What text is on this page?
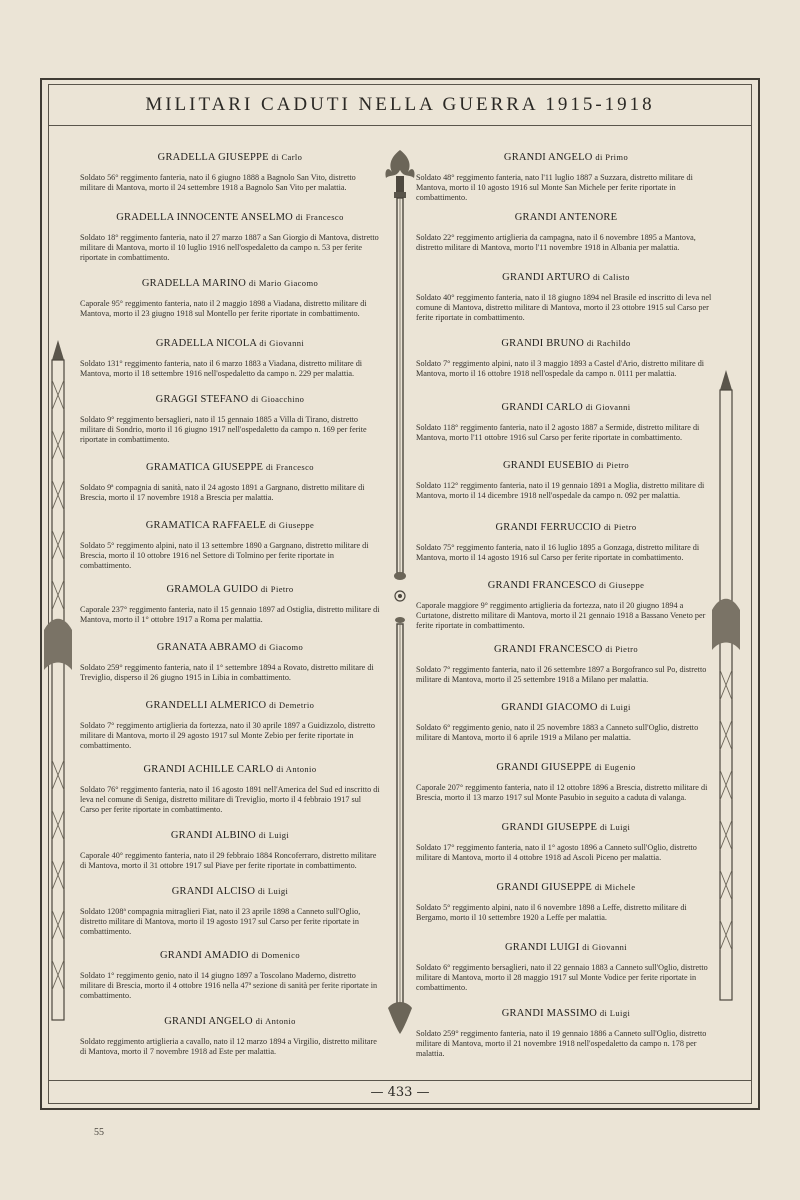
MILITARI CADUTI NELLA GUERRA 1915-1918
— 433 —
GRADELLA GIUSEPPE di Carlo
Soldato 56° reggimento fanteria, nato il 6 giugno 1888 a Bagnolo San Vito, distretto militare di Mantova, morto il 24 settembre 1918 a Bagnolo San Vito per malattia.
GRADELLA INNOCENTE ANSELMO di Francesco
Soldato 18° reggimento fanteria, nato il 27 marzo 1887 a San Giorgio di Mantova, distretto militare di Mantova, morto il 10 luglio 1916 nell'ospedaletto da campo n. 53 per ferite riportate in combattimento.
GRADELLA MARINO di Mario Giacomo
Caporale 95° reggimento fanteria, nato il 2 maggio 1898 a Viadana, distretto militare di Mantova, morto il 23 giugno 1918 sul Montello per ferite riportate in combattimento.
GRADELLA NICOLA di Giovanni
Soldato 131° reggimento fanteria, nato il 6 marzo 1883 a Viadana, distretto militare di Mantova, morto il 18 settembre 1916 nell'ospedaletto da campo n. 229 per malattia.
GRAGGI STEFANO di Gioacchino
Soldato 9° reggimento bersaglieri, nato il 15 gennaio 1885 a Villa di Tirano, distretto militare di Sondrio, morto il 16 giugno 1917 nell'ospedaletto da campo n. 169 per ferite riportate in combattimento.
GRAMATICA GIUSEPPE di Francesco
Soldato 9ª compagnia di sanità, nato il 24 agosto 1891 a Gargnano, distretto militare di Brescia, morto il 17 novembre 1918 a Brescia per malattia.
GRAMATICA RAFFAELE di Giuseppe
Soldato 5° reggimento alpini, nato il 13 settembre 1890 a Gargnano, distretto militare di Brescia, morto il 10 ottobre 1916 nel Settore di Tolmino per ferite riportate in combattimento.
GRAMOLA GUIDO di Pietro
Caporale 237° reggimento fanteria, nato il 15 gennaio 1897 ad Ostiglia, distretto militare di Mantova, morto il 1° ottobre 1917 a Roma per malattia.
GRANATA ABRAMO di Giacomo
Soldato 259° reggimento fanteria, nato il 1° settembre 1894 a Rovato, distretto militare di Treviglio, disperso il 26 giugno 1915 in Libia in combattimento.
GRANDELLI ALMERICO di Demetrio
Soldato 7° reggimento artiglieria da fortezza, nato il 30 aprile 1897 a Guidizzolo, distretto militare di Mantova, morto il 29 agosto 1917 sul Monte Zebio per ferite riportate in combattimento.
GRANDI ACHILLE CARLO di Antonio
Soldato 76° reggimento fanteria, nato il 16 agosto 1891 nell'America del Sud ed inscritto di leva nel comune di Seniga, distretto militare di Treviglio, morto il 4 febbraio 1917 sul Carso per ferite riportate in combattimento.
GRANDI ALBINO di Luigi
Caporale 40° reggimento fanteria, nato il 29 febbraio 1884 Roncoferraro, distretto militare di Mantova, morto il 31 ottobre 1917 sul Piave per ferite riportate in combattimento.
GRANDI ALCISO di Luigi
Soldato 1208ª compagnia mitraglieri Fiat, nato il 23 aprile 1898 a Canneto sull'Oglio, distretto militare di Mantova, morto il 19 agosto 1917 sul Carso per ferite riportate in combattimento.
GRANDI AMADIO di Domenico
Soldato 1° reggimento genio, nato il 14 giugno 1897 a Toscolano Maderno, distretto militare di Brescia, morto il 4 ottobre 1916 nella 47ª sezione di sanità per ferite riportate in combattimento.
GRANDI ANGELO di Antonio
Soldato reggimento artiglieria a cavallo, nato il 12 marzo 1894 a Virgilio, distretto militare di Mantova, morto il 7 novembre 1918 ad Este per malattia.
GRANDI ANGELO di Primo
Soldato 48° reggimento fanteria, nato l'11 luglio 1887 a Suzzara, distretto militare di Mantova, morto il 10 agosto 1916 sul Monte San Michele per ferite riportate in combattimento.
GRANDI ANTENORE
Soldato 22° reggimento artiglieria da campagna, nato il 6 novembre 1895 a Mantova, distretto militare di Mantova, morto l'11 novembre 1918 in Albania per malattia.
GRANDI ARTURO di Calisto
Soldato 40° reggimento fanteria, nato il 18 giugno 1894 nel Brasile ed inscritto di leva nel comune di Mantova, distretto militare di Mantova, morto il 23 ottobre 1915 sul Carso per ferite riportate in combattimento.
GRANDI BRUNO di Rachildo
Soldato 7° reggimento alpini, nato il 3 maggio 1893 a Castel d'Ario, distretto militare di Mantova, morto il 16 ottobre 1918 nell'ospedale da campo n. 0111 per malattia.
GRANDI CARLO di Giovanni
Soldato 118° reggimento fanteria, nato il 2 agosto 1887 a Sermide, distretto militare di Mantova, morto l'11 ottobre 1916 sul Carso per ferite riportate in combattimento.
GRANDI EUSEBIO di Pietro
Soldato 112° reggimento fanteria, nato il 19 gennaio 1891 a Moglia, distretto militare di Mantova, morto il 14 dicembre 1918 nell'ospedale da campo n. 092 per malattia.
GRANDI FERRUCCIO di Pietro
Soldato 75° reggimento fanteria, nato il 16 luglio 1895 a Gonzaga, distretto militare di Mantova, morto il 14 agosto 1916 sul Carso per ferite riportate in combattimento.
GRANDI FRANCESCO di Giuseppe
Caporale maggiore 9° reggimento artiglieria da fortezza, nato il 20 giugno 1894 a Curtatone, distretto militare di Mantova, morto il 21 gennaio 1918 a Bassano Veneto per ferite riportate in combattimento.
GRANDI FRANCESCO di Pietro
Soldato 7° reggimento fanteria, nato il 26 settembre 1897 a Borgofranco sul Po, distretto militare di Mantova, morto il 25 settembre 1918 a Milano per malattia.
GRANDI GIACOMO di Luigi
Soldato 6° reggimento genio, nato il 25 novembre 1883 a Canneto sull'Oglio, distretto militare di Mantova, morto il 6 aprile 1919 a Milano per malattia.
GRANDI GIUSEPPE di Eugenio
Caporale 207° reggimento fanteria, nato il 12 ottobre 1896 a Brescia, distretto militare di Brescia, morto il 13 marzo 1917 sul Monte Pasubio in seguito a caduta di valanga.
GRANDI GIUSEPPE di Luigi
Soldato 17° reggimento fanteria, nato il 1° agosto 1896 a Canneto sull'Oglio, distretto militare di Mantova, morto il 4 ottobre 1918 ad Ascoli Piceno per malattia.
GRANDI GIUSEPPE di Michele
Soldato 5° reggimento alpini, nato il 6 novembre 1898 a Leffe, distretto militare di Bergamo, morto il 10 settembre 1920 a Leffe per malattia.
GRANDI LUIGI di Giovanni
Soldato 6° reggimento bersaglieri, nato il 22 gennaio 1883 a Canneto sull'Oglio, distretto militare di Mantova, morto il 28 maggio 1917 sul Monte Vodice per ferite riportate in combattimento.
GRANDI MASSIMO di Luigi
Soldato 259° reggimento fanteria, nato il 19 gennaio 1886 a Canneto sull'Oglio, distretto militare di Mantova, morto il 21 novembre 1918 nell'ospedaletto da campo n. 178 per malattia.
55
